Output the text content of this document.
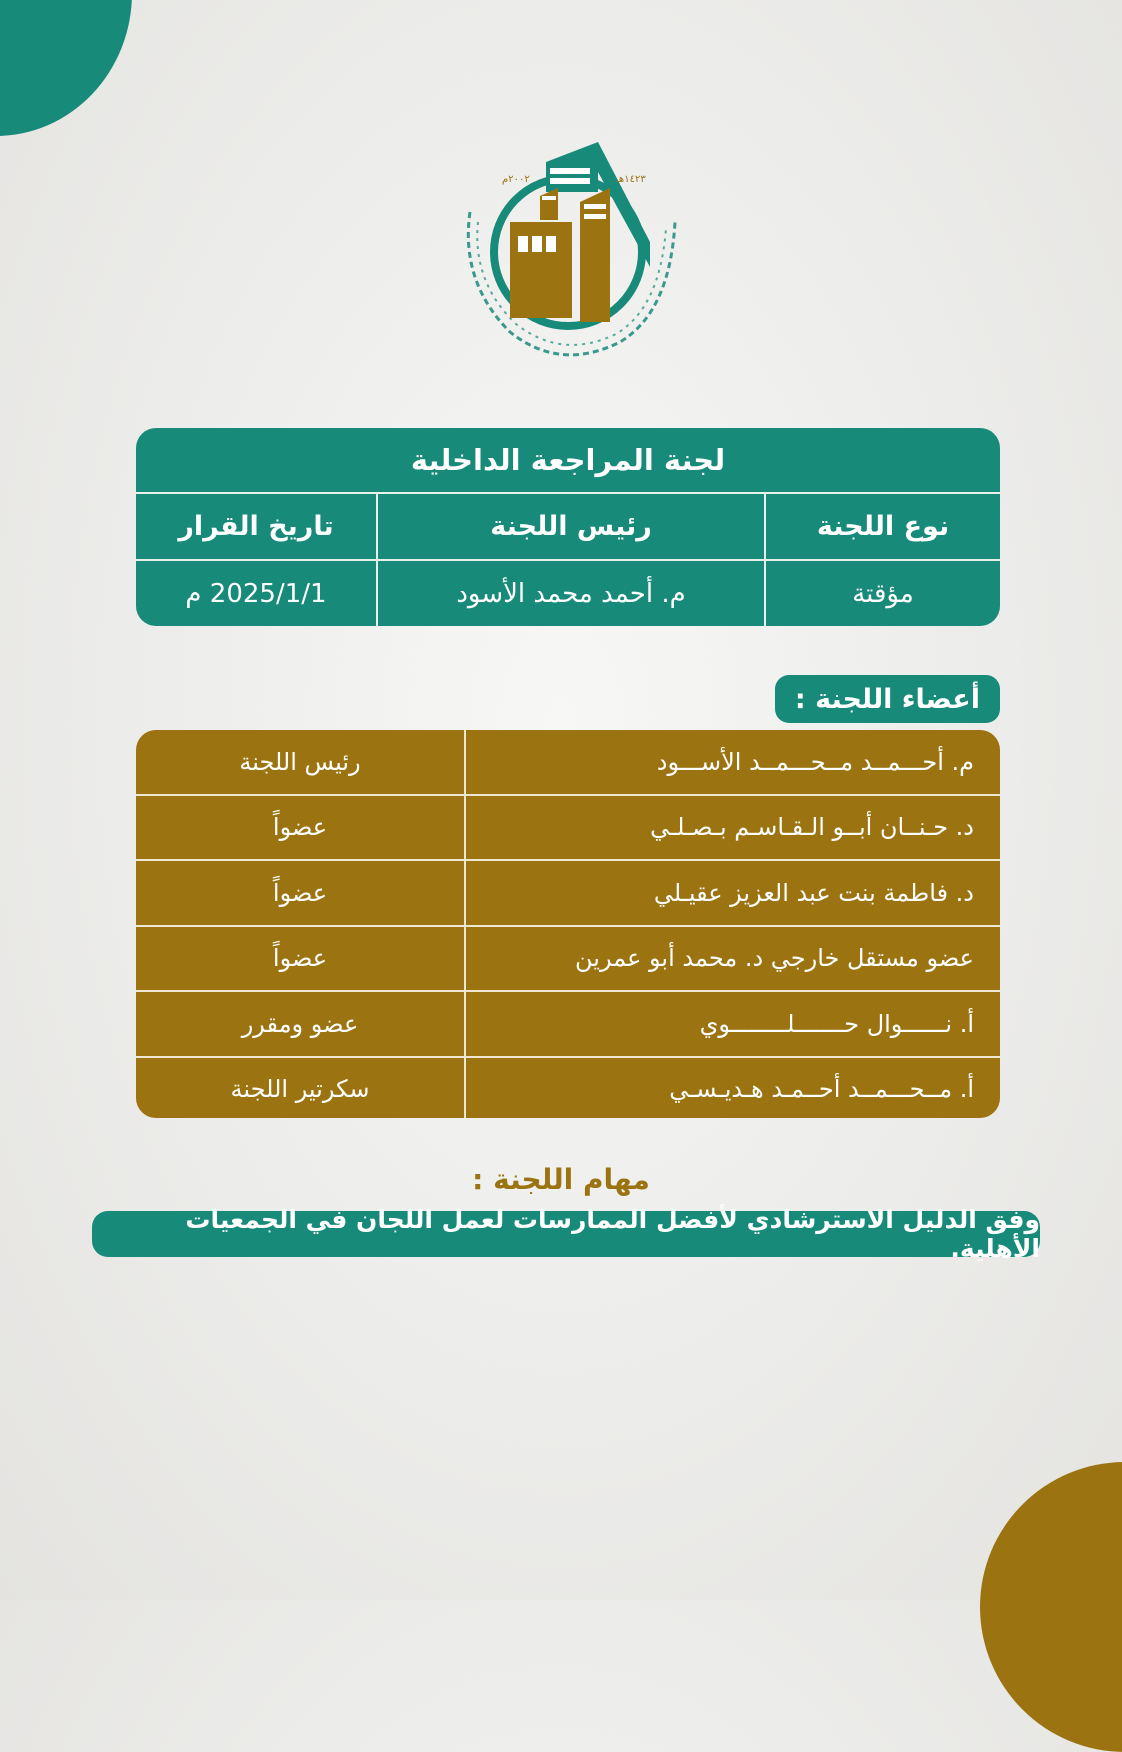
٢٠٠٢م	١٤٢٣هـ
لجنة المراجعة الداخلية
نوع اللجنة
رئيس اللجنة
تاريخ القرار
مؤقتة
م. أحمد محمد الأسود
2025/1/1 م
أعضاء اللجنة :
م. أحـــمــد مــحـــمــد الأســـود
رئيس اللجنة
د. حـنــان أبــو الـقـاسـم بـصـلـي
عضواً
د. فاطمة بنت عبد العزيز عقيـلي
عضواً
عضو مستقل خارجي د. محمد أبو عمرين
عضواً
أ. نــــــوال حـــــــلــــــــوي
عضو ومقرر
أ. مــحـــمــد أحــمـد هـديـسـي
سكرتير اللجنة
مهام اللجنة :
وفق الدليل الاسترشادي لأفضل الممارسات لعمل اللجان في الجمعيات الأهلية.
